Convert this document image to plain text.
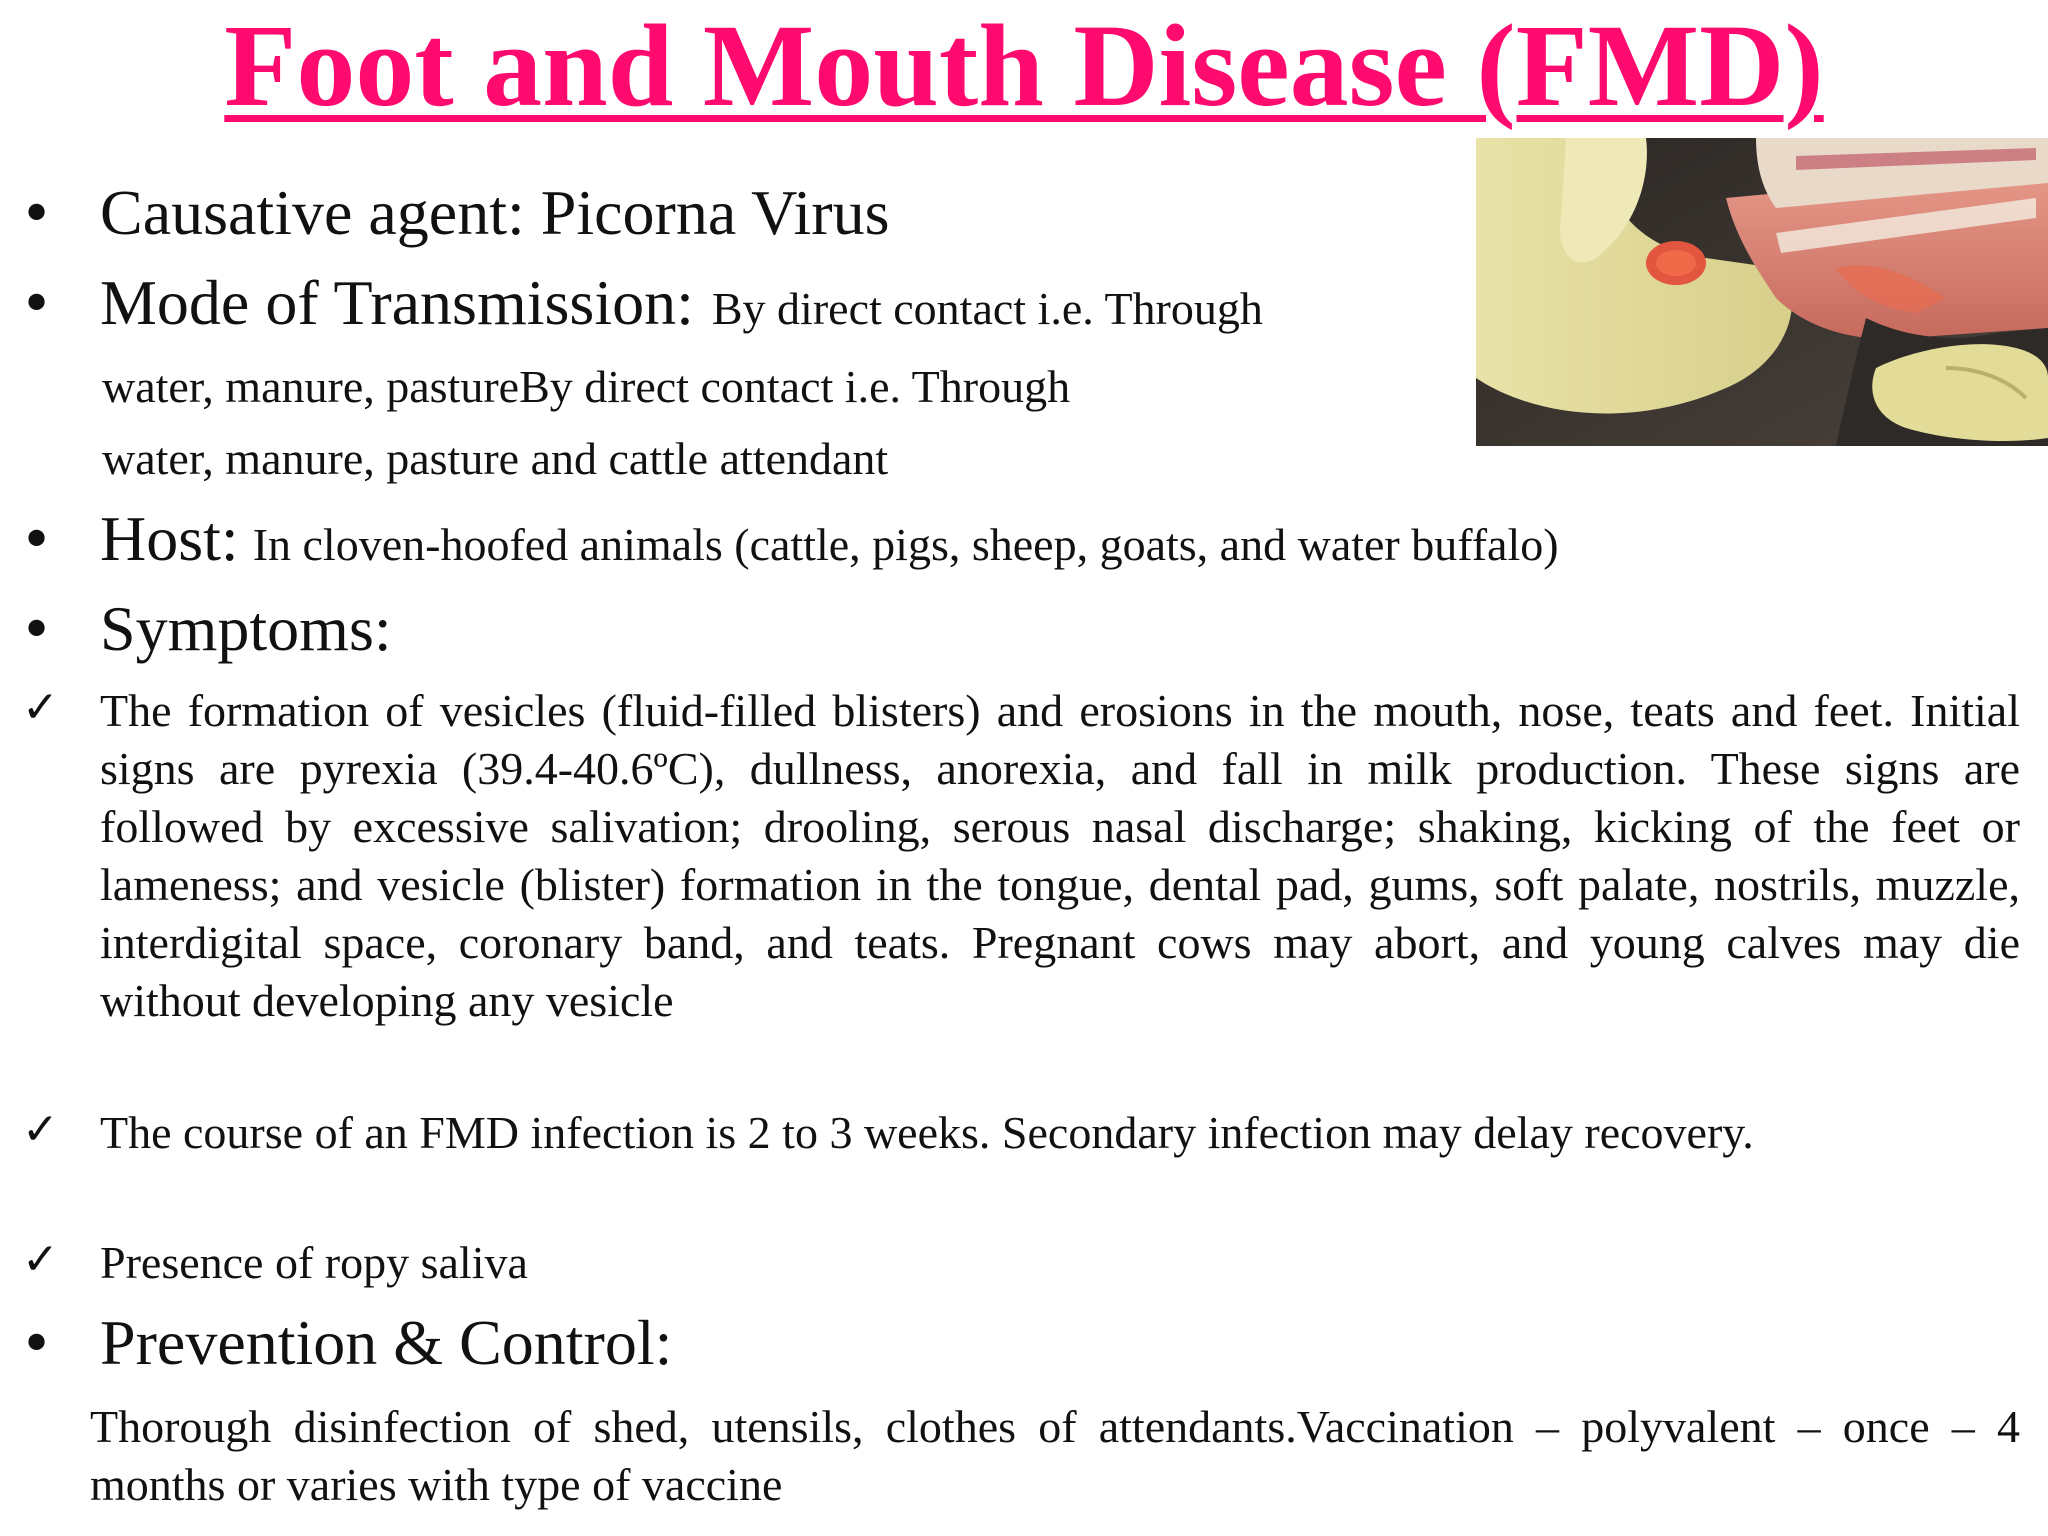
Foot and Mouth Disease (FMD)
• Causative agent: Picorna Virus
• Mode of Transmission: By direct contact i.e. Through
water, manure, pastureBy direct contact i.e. Through
water, manure, pasture and cattle attendant
• Host: In cloven-hoofed animals (cattle, pigs, sheep, goats, and water buffalo)
• Symptoms:
✓ The formation of vesicles (fluid-filled blisters) and erosions in the mouth, nose, teats and feet. Initial signs are pyrexia (39.4-40.6ºC), dullness, anorexia, and fall in milk production. These signs are followed by excessive salivation; drooling, serous nasal discharge; shaking, kicking of the feet or lameness; and vesicle (blister) formation in the tongue, dental pad, gums, soft palate, nostrils, muzzle, interdigital space, coronary band, and teats. Pregnant cows may abort, and young calves may die without developing any vesicle
✓ The course of an FMD infection is 2 to 3 weeks. Secondary infection may delay recovery.
✓ Presence of ropy saliva
• Prevention & Control:
Thorough disinfection of shed, utensils, clothes of attendants.Vaccination – polyvalent – once – 4 months or varies with type of vaccine
